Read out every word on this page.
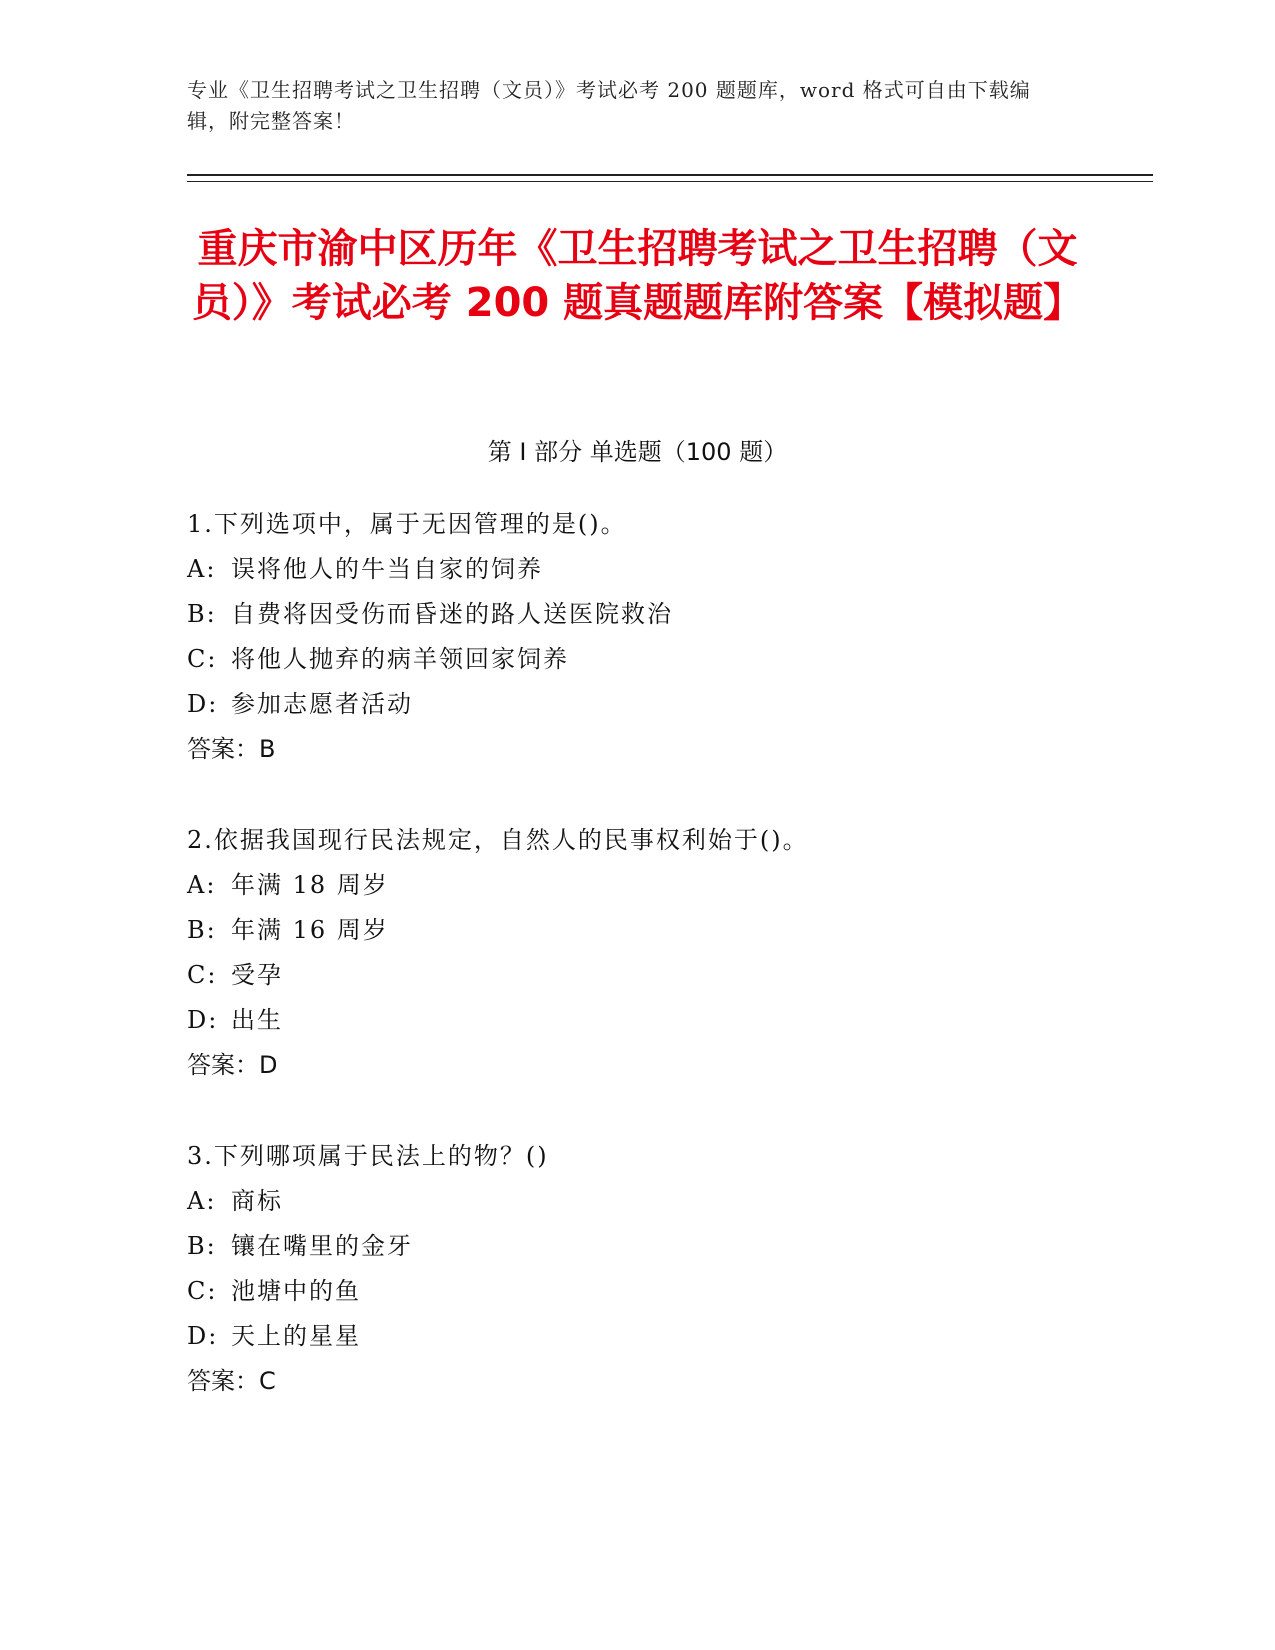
专业《卫生招聘考试之卫生招聘（文员）》考试必考 200 题题库，word 格式可自由下载编辑，附完整答案！
重庆市渝中区历年《卫生招聘考试之卫生招聘（文员）》考试必考 200 题真题题库附答案【模拟题】
第 I 部分 单选题（100 题）
1.下列选项中，属于无因管理的是()。
A: 误将他人的牛当自家的饲养
B: 自费将因受伤而昏迷的路人送医院救治
C: 将他人抛弃的病羊领回家饲养
D: 参加志愿者活动
答案：B
2.依据我国现行民法规定，自然人的民事权利始于()。
A: 年满 18 周岁
B: 年满 16 周岁
C: 受孕
D: 出生
答案：D
3.下列哪项属于民法上的物？()
A: 商标
B: 镶在嘴里的金牙
C: 池塘中的鱼
D: 天上的星星
答案：C
